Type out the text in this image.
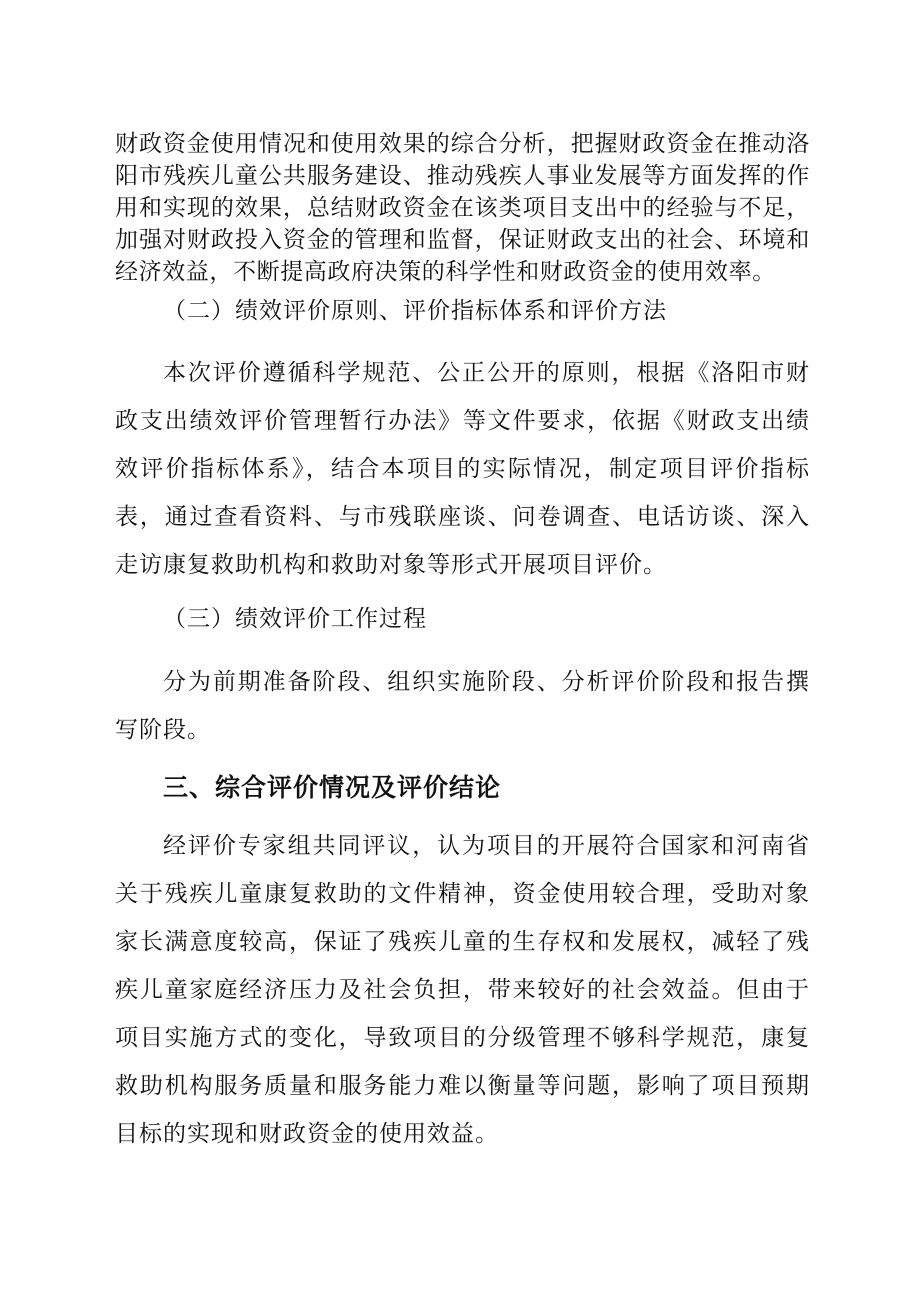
财政资金使用情况和使用效果的综合分析，把握财政资金在推动洛阳市残疾儿童公共服务建设、推动残疾人事业发展等方面发挥的作用和实现的效果，总结财政资金在该类项目支出中的经验与不足，加强对财政投入资金的管理和监督，保证财政支出的社会、环境和经济效益，不断提高政府决策的科学性和财政资金的使用效率。

（二）绩效评价原则、评价指标体系和评价方法

本次评价遵循科学规范、公正公开的原则，根据《洛阳市财政支出绩效评价管理暂行办法》等文件要求，依据《财政支出绩效评价指标体系》，结合本项目的实际情况，制定项目评价指标表，通过查看资料、与市残联座谈、问卷调查、电话访谈、深入走访康复救助机构和救助对象等形式开展项目评价。

（三）绩效评价工作过程

分为前期准备阶段、组织实施阶段、分析评价阶段和报告撰写阶段。

三、综合评价情况及评价结论

经评价专家组共同评议，认为项目的开展符合国家和河南省关于残疾儿童康复救助的文件精神，资金使用较合理，受助对象家长满意度较高，保证了残疾儿童的生存权和发展权，减轻了残疾儿童家庭经济压力及社会负担，带来较好的社会效益。但由于项目实施方式的变化，导致项目的分级管理不够科学规范，康复救助机构服务质量和服务能力难以衡量等问题，影响了项目预期目标的实现和财政资金的使用效益。
